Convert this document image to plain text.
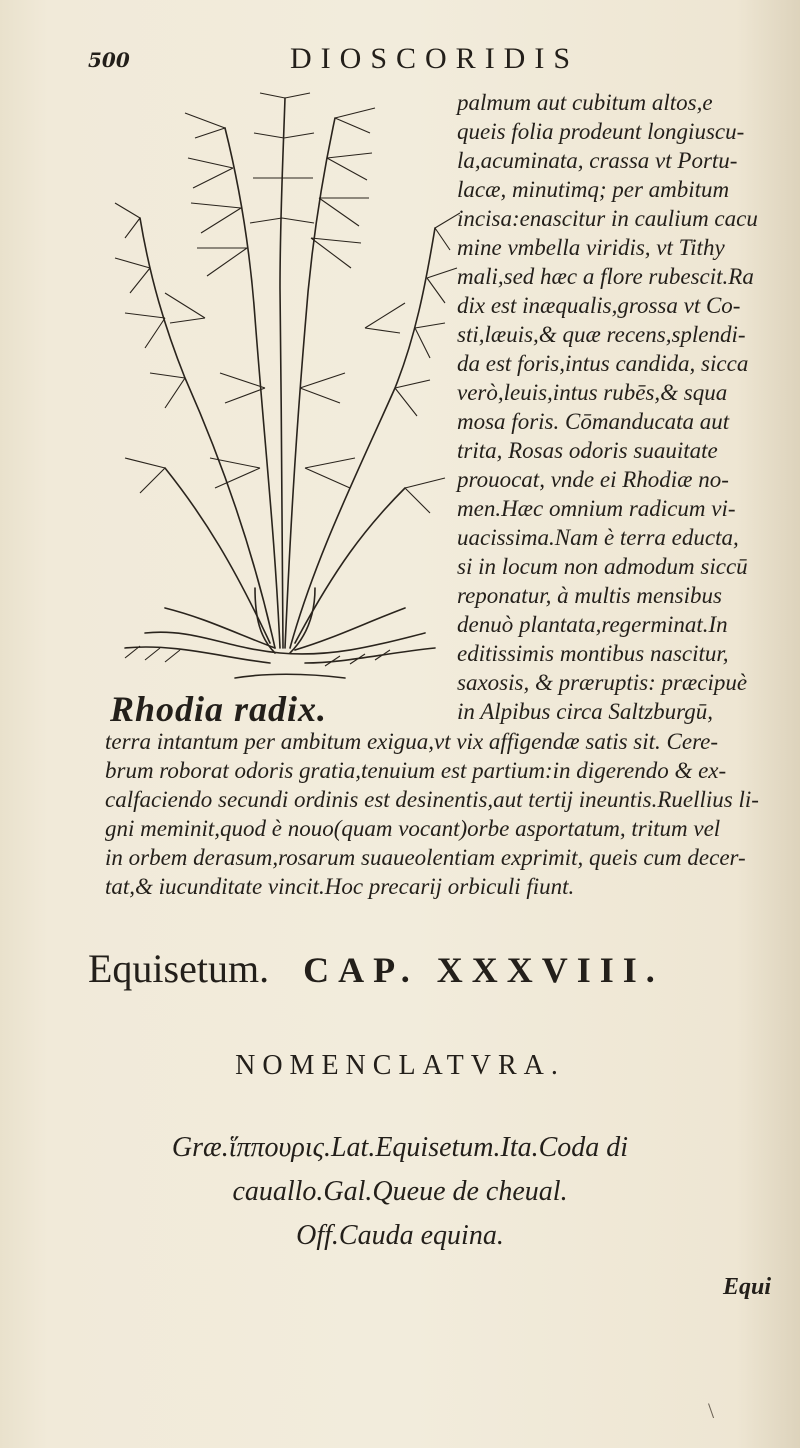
500	DIOSCORIDIS
Rhodia radix.
palmum aut cubitum altos,e
queis folia prodeunt longiuscu-
la,acuminata, crassa vt Portu-
lacæ, minutimq; per ambitum
incisa:enascitur in caulium cacu
mine vmbella viridis, vt Tithy
mali,sed hæc a flore rubescit.Ra
dix est inæqualis,grossa vt Co-
sti,læuis,& quæ recens,splendi-
da est foris,intus candida, sicca
verò,leuis,intus rubēs,& squa
mosa foris. Cōmanducata aut
trita, Rosas odoris suauitate
prouocat, vnde ei Rhodiæ no-
men.Hæc omnium radicum vi-
uacissima.Nam è terra educta,
si in locum non admodum siccū
reponatur, à multis mensibus
denuò plantata,regerminat.In
editissimis montibus nascitur,
saxosis, & præruptis: præcipuè
in Alpibus circa Saltzburgū,
terra intantum per ambitum exigua,vt vix affigendæ satis sit. Cere-
brum roborat odoris gratia,tenuium est partium:in digerendo & ex-
calfaciendo secundi ordinis est desinentis,aut tertij ineuntis.Ruellius li-
gni meminit,quod è nouo(quam vocant)orbe asportatum, tritum vel
in orbem derasum,rosarum suaueolentiam exprimit, queis cum decer-
tat,& iucunditate vincit.Hoc precarij orbiculi fiunt.
Equisetum. CAP. XXXVIII.
NOMENCLATVRA.
Græ.ἵππουρις.Lat.Equisetum.Ita.Coda di
cauallo.Gal.Queue de cheual.
Off.Cauda equina.
Equi
\
